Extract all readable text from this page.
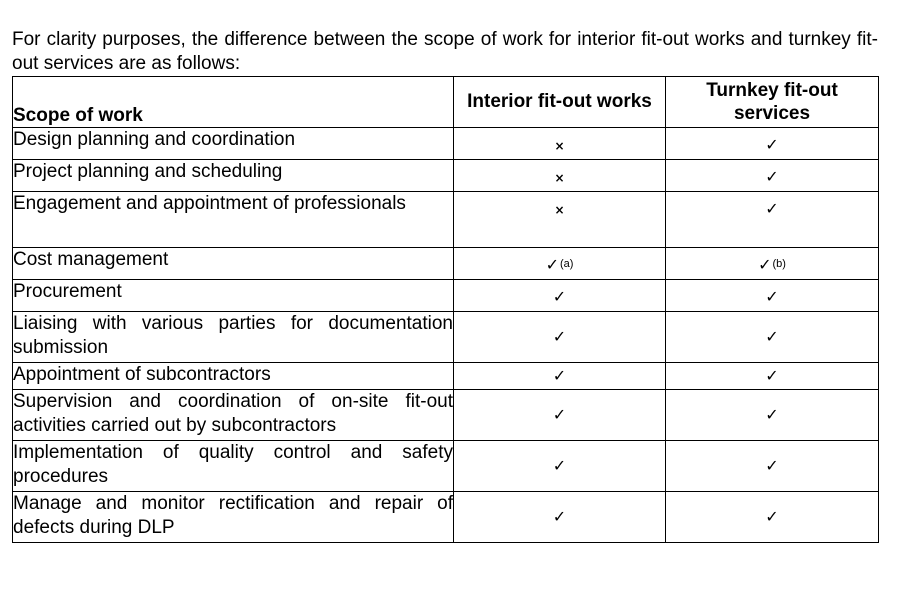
For clarity purposes, the difference between the scope of work for interior fit-out works and turnkey fit-out services are as follows:

Scope of work	Interior fit-out works	Turnkey fit-out services
Design planning and coordination	×	✓
Project planning and scheduling	×	✓
Engagement and appointment of professionals	×	✓
Cost management	✓$^{(a)}$	✓$^{(b)}$
Procurement	✓	✓
Liaising with various parties for documentation submission	✓	✓
Appointment of subcontractors	✓	✓
Supervision and coordination of on-site fit-out activities carried out by subcontractors	✓	✓
Implementation of quality control and safety procedures	✓	✓
Manage and monitor rectification and repair of defects during DLP	✓	✓
